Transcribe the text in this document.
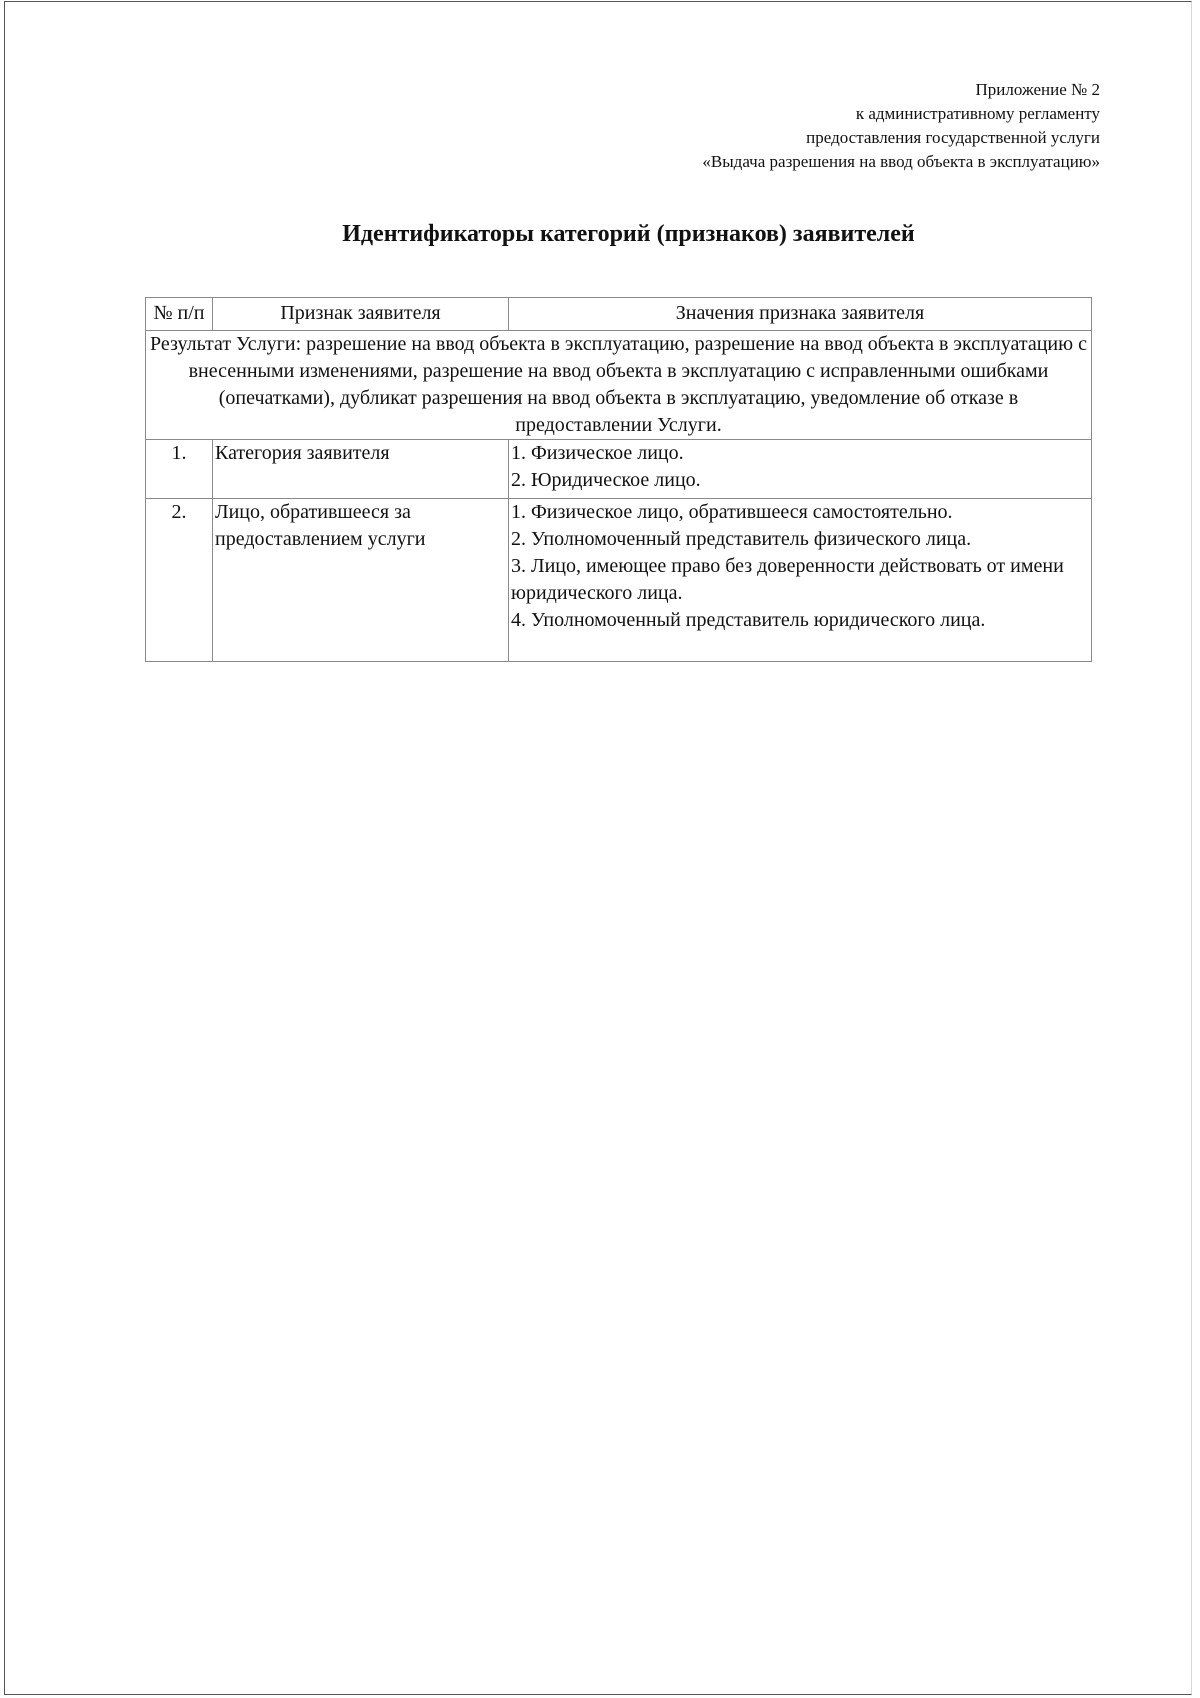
Приложение № 2
к административному регламенту
предоставления государственной услуги
«Выдача разрешения на ввод объекта в эксплуатацию»
Идентификаторы категорий (признаков) заявителей
№ п/п	Признак заявителя	Значения признака заявителя
Результат Услуги: разрешение на ввод объекта в эксплуатацию, разрешение на ввод объекта в эксплуатацию с внесенными изменениями, разрешение на ввод объекта в эксплуатацию с исправленными ошибками (опечатками), дубликат разрешения на ввод объекта в эксплуатацию, уведомление об отказе в предоставлении Услуги.		
1.	Категория заявителя	1. Физическое лицо.
2. Юридическое лицо.

2.	Лицо, обратившееся за предоставлением услуги	1. Физическое лицо, обратившееся самостоятельно.
2. Уполномоченный представитель физического лица.
3. Лицо, имеющее право без доверенности действовать от имени юридического лица.
4. Уполномоченный представитель юридического лица.
